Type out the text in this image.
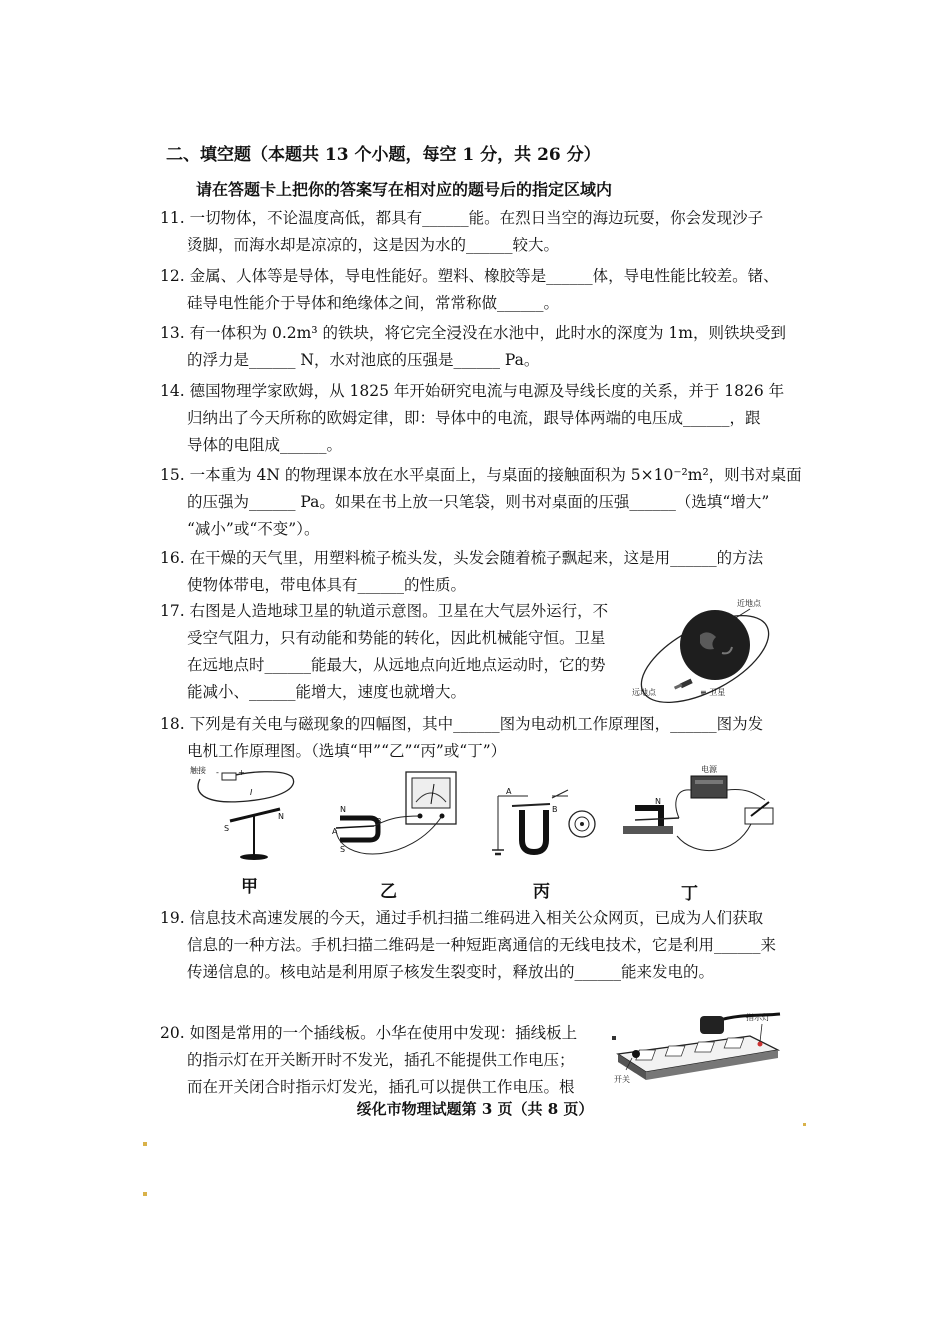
二、填空题（本题共 13 个小题，每空 1 分，共 26 分）
请在答题卡上把你的答案写在相对应的题号后的指定区域内
11. 一切物体，不论温度高低，都具有______能。在烈日当空的海边玩耍，你会发现沙子
烫脚，而海水却是凉凉的，这是因为水的______较大。
12. 金属、人体等是导体，导电性能好。塑料、橡胶等是______体，导电性能比较差。锗、
硅导电性能介于导体和绝缘体之间，常常称做______。
13. 有一体积为 0.2m³ 的铁块，将它完全浸没在水池中，此时水的深度为 1m，则铁块受到
的浮力是______ N，水对池底的压强是______ Pa。
14. 德国物理学家欧姆，从 1825 年开始研究电流与电源及导线长度的关系，并于 1826 年
归纳出了今天所称的欧姆定律，即：导体中的电流，跟导体两端的电压成______，跟
导体的电阻成______。
15. 一本重为 4N 的物理课本放在水平桌面上，与桌面的接触面积为 5×10⁻²m²，则书对桌面
的压强为______ Pa。如果在书上放一只笔袋，则书对桌面的压强______（选填“增大”
“减小”或“不变”）。
16. 在干燥的天气里，用塑料梳子梳头发，头发会随着梳子飘起来，这是用______的方法
使物体带电，带电体具有______的性质。
17. 右图是人造地球卫星的轨道示意图。卫星在大气层外运行，不
受空气阻力，只有动能和势能的转化，因此机械能守恒。卫星
在远地点时______能最大，从远地点向近地点运动时，它的势
能减小、______能增大，速度也就增大。
近地点
远地点	≡ 卫星
18. 下列是有关电与磁现象的四幅图，其中______图为电动机工作原理图，______图为发
电机工作原理图。（选填“甲”“乙”“丙”或“丁”）
触接	+
-
I
S
N
N
S
A
B
A
B
电源
N
甲	乙	丙	丁
19. 信息技术高速发展的今天，通过手机扫描二维码进入相关公众网页，已成为人们获取
信息的一种方法。手机扫描二维码是一种短距离通信的无线电技术，它是利用______来
传递信息的。核电站是利用原子核发生裂变时，释放出的______能来发电的。
20. 如图是常用的一个插线板。小华在使用中发现：插线板上
的指示灯在开关断开时不发光，插孔不能提供工作电压；
而在开关闭合时指示灯发光，插孔可以提供工作电压。根
指示灯
开关
绥化市物理试题第 3 页（共 8 页）
